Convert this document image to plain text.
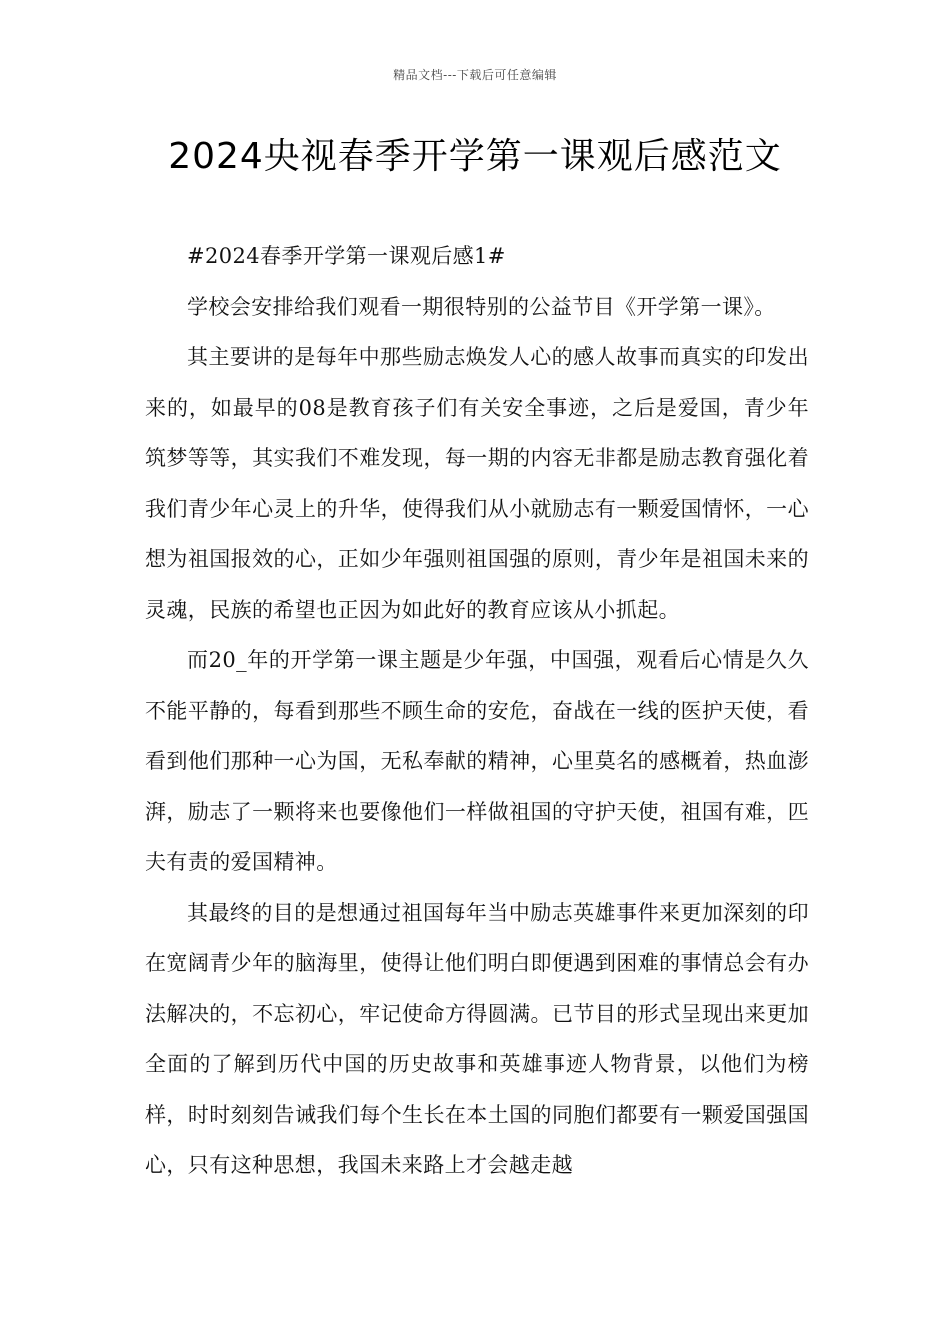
精品文档---下载后可任意编辑
2024央视春季开学第一课观后感范文

#2024春季开学第一课观后感1#

学校会安排给我们观看一期很特别的公益节目《开学第一课》。

其主要讲的是每年中那些励志焕发人心的感人故事而真实的印发出来的，如最早的08是教育孩子们有关安全事迹，之后是爱国，青少年筑梦等等，其实我们不难发现，每一期的内容无非都是励志教育强化着我们青少年心灵上的升华，使得我们从小就励志有一颗爱国情怀，一心想为祖国报效的心，正如少年强则祖国强的原则，青少年是祖国未来的灵魂，民族的希望也正因为如此好的教育应该从小抓起。

而20_年的开学第一课主题是少年强，中国强，观看后心情是久久不能平静的，每看到那些不顾生命的安危，奋战在一线的医护天使，看看到他们那种一心为国，无私奉献的精神，心里莫名的感概着，热血澎湃，励志了一颗将来也要像他们一样做祖国的守护天使，祖国有难，匹夫有责的爱国精神。

其最终的目的是想通过祖国每年当中励志英雄事件来更加深刻的印在宽阔青少年的脑海里，使得让他们明白即便遇到困难的事情总会有办法解决的，不忘初心，牢记使命方得圆满。已节目的形式呈现出来更加全面的了解到历代中国的历史故事和英雄事迹人物背景，以他们为榜样，时时刻刻告诫我们每个生长在本土国的同胞们都要有一颗爱国强国心，只有这种思想，我国未来路上才会越走越
